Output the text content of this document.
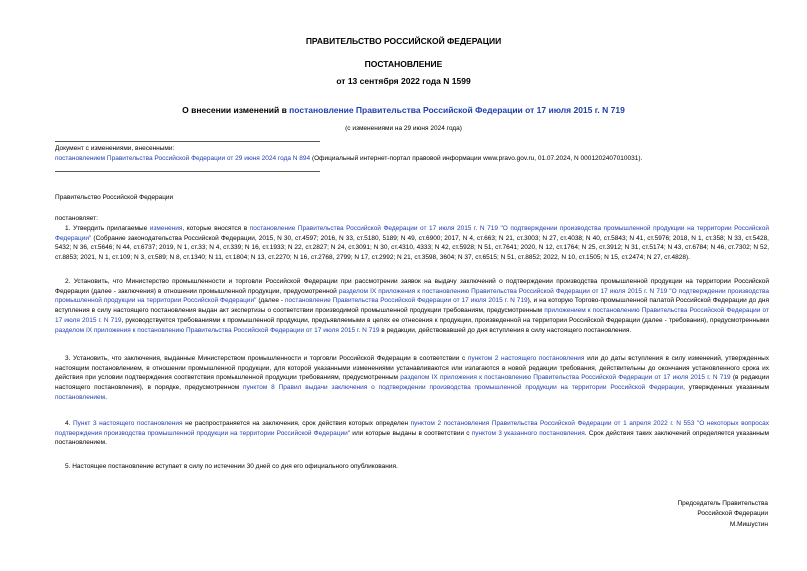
ПРАВИТЕЛЬСТВО РОССИЙСКОЙ ФЕДЕРАЦИИ
ПОСТАНОВЛЕНИЕ
от 13 сентября 2022 года N 1599
О внесении изменений в постановление Правительства Российской Федерации от 17 июля 2015 г. N 719
(с изменениями на 29 июня 2024 года)
Документ с изменениями, внесенными:
постановлением Правительства Российской Федерации от 29 июня 2024 года N 894 (Официальный интернет-портал правовой информации www.pravo.gov.ru, 01.07.2024, N 0001202407010031).
Правительство Российской Федерации
постановляет:
1. Утвердить прилагаемые изменения, которые вносятся в постановление Правительства Российской Федерации от 17 июля 2015 г. N 719 "О подтверждении производства промышленной продукции на территории Российской Федерации" (Собрание законодательства Российской Федерации, 2015, N 30, ст.4597; 2016, N 33, ст.5180, 5189; N 49, ст.6900; 2017, N 4, ст.663; N 21, ст.3003; N 27, ст.4038; N 40, ст.5843; N 41, ст.5976; 2018, N 1, ст.358; N 33, ст.5428, 5432; N 36, ст.5646; N 44, ст.6737; 2019, N 1, ст.33; N 4, ст.339; N 16, ст.1933; N 22, ст.2827; N 24, ст.3091; N 30, ст.4310, 4333; N 42, ст.5928; N 51, ст.7641; 2020, N 12, ст.1764; N 25, ст.3912; N 31, ст.5174; N 43, ст.6784; N 46, ст.7302; N 52, ст.8853; 2021, N 1, ст.109; N 3, ст.589; N 8, ст.1340; N 11, ст.1804; N 13, ст.2270; N 16, ст.2768, 2799; N 17, ст.2992; N 21, ст.3598, 3604; N 37, ст.6515; N 51, ст.8852; 2022, N 10, ст.1505; N 15, ст.2474; N 27, ст.4828).
2. Установить, что Министерство промышленности и торговли Российской Федерации при рассмотрении заявок на выдачу заключений о подтверждении производства промышленной продукции на территории Российской Федерации (далее - заключения) в отношении промышленной продукции, предусмотренной разделом IX приложения к постановлению Правительства Российской Федерации от 17 июля 2015 г. N 719 "О подтверждении производства промышленной продукции на территории Российской Федерации" (далее - постановление Правительства Российской Федерации от 17 июля 2015 г. N 719), и на которую Торгово-промышленной палатой Российской Федерации до дня вступления в силу настоящего постановления выдан акт экспертизы о соответствии производимой промышленной продукции требованиям, предусмотренным приложением к постановлению Правительства Российской Федерации от 17 июля 2015 г. N 719, руководствуется требованиями к промышленной продукции, предъявляемыми в целях ее отнесения к продукции, произведенной на территории Российской Федерации (далее - требования), предусмотренными разделом IX приложения к постановлению Правительства Российской Федерации от 17 июля 2015 г. N 719 в редакции, действовавшей до дня вступления в силу настоящего постановления.
3. Установить, что заключения, выданные Министерством промышленности и торговли Российской Федерации в соответствии с пунктом 2 настоящего постановления или до даты вступления в силу изменений, утвержденных настоящим постановлением, в отношении промышленной продукции, для которой указанными изменениями устанавливаются или излагаются в новой редакции требования, действительны до окончания установленного срока их действия при условии подтверждения соответствия промышленной продукции требованиям, предусмотренным разделом IX приложения к постановлению Правительства Российской Федерации от 17 июля 2015 г. N 719 (в редакции настоящего постановления), в порядке, предусмотренном пунктом 8 Правил выдачи заключения о подтверждении производства промышленной продукции на территории Российской Федерации, утвержденных указанным постановлением.
4. Пункт 3 настоящего постановления не распространяется на заключения, срок действия которых определен пунктом 2 постановления Правительства Российской Федерации от 1 апреля 2022 г. N 553 "О некоторых вопросах подтверждения производства промышленной продукции на территории Российской Федерации" или которые выданы в соответствии с пунктом 3 указанного постановления. Срок действия таких заключений определяется указанным постановлением.
5. Настоящее постановление вступает в силу по истечении 30 дней со дня его официального опубликования.
Председатель Правительства
Российской Федерации
М.Мишустин
